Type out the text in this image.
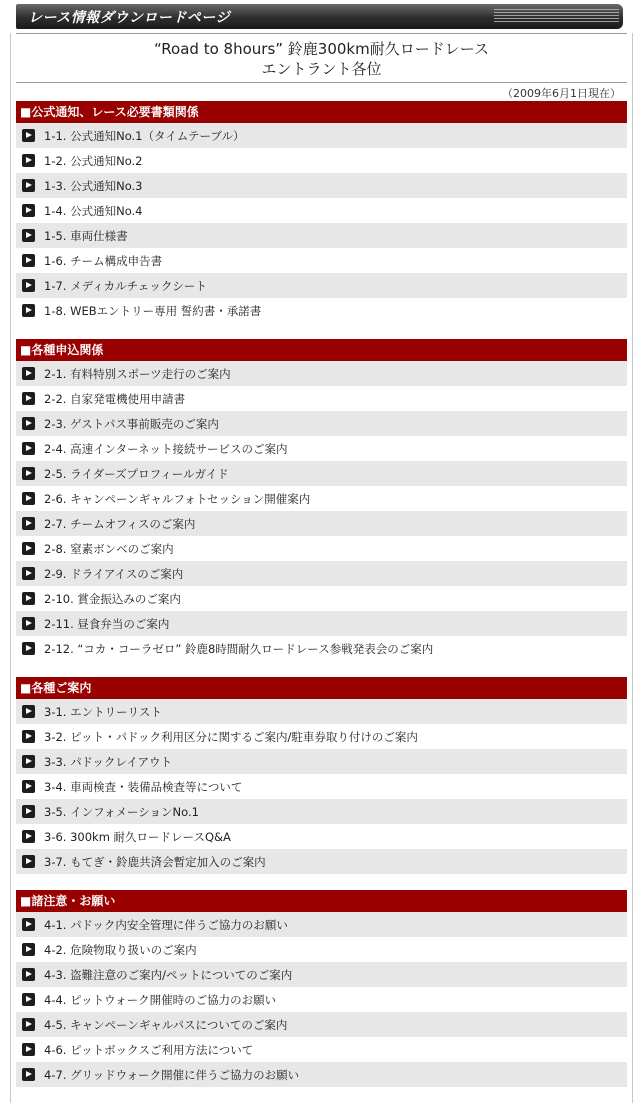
レース情報ダウンロードページ
“Road to 8hours” 鈴鹿300km耐久ロードレース
エントラント各位
（2009年6月1日現在）
■公式通知、レース必要書類関係
1-1. 公式通知No.1（タイムテーブル）
1-2. 公式通知No.2
1-3. 公式通知No.3
1-4. 公式通知No.4
1-5. 車両仕様書
1-6. チーム構成申告書
1-7. メディカルチェックシート
1-8. WEBエントリー専用 誓約書・承諾書
■各種申込関係
2-1. 有料特別スポーツ走行のご案内
2-2. 自家発電機使用申請書
2-3. ゲストパス事前販売のご案内
2-4. 高速インターネット接続サービスのご案内
2-5. ライダーズプロフィールガイド
2-6. キャンペーンギャルフォトセッション開催案内
2-7. チームオフィスのご案内
2-8. 窒素ボンベのご案内
2-9. ドライアイスのご案内
2-10. 賞金振込みのご案内
2-11. 昼食弁当のご案内
2-12. “コカ・コーラゼロ” 鈴鹿8時間耐久ロードレース参戦発表会のご案内
■各種ご案内
3-1. エントリーリスト
3-2. ピット・パドック利用区分に関するご案内/駐車券取り付けのご案内
3-3. パドックレイアウト
3-4. 車両検査・装備品検査等について
3-5. インフォメーションNo.1
3-6. 300km 耐久ロードレースQ&A
3-7. もてぎ・鈴鹿共済会暫定加入のご案内
■諸注意・お願い
4-1. パドック内安全管理に伴うご協力のお願い
4-2. 危険物取り扱いのご案内
4-3. 盗難注意のご案内/ペットについてのご案内
4-4. ピットウォーク開催時のご協力のお願い
4-5. キャンペーンギャルパスについてのご案内
4-6. ピットボックスご利用方法について
4-7. グリッドウォーク開催に伴うご協力のお願い
